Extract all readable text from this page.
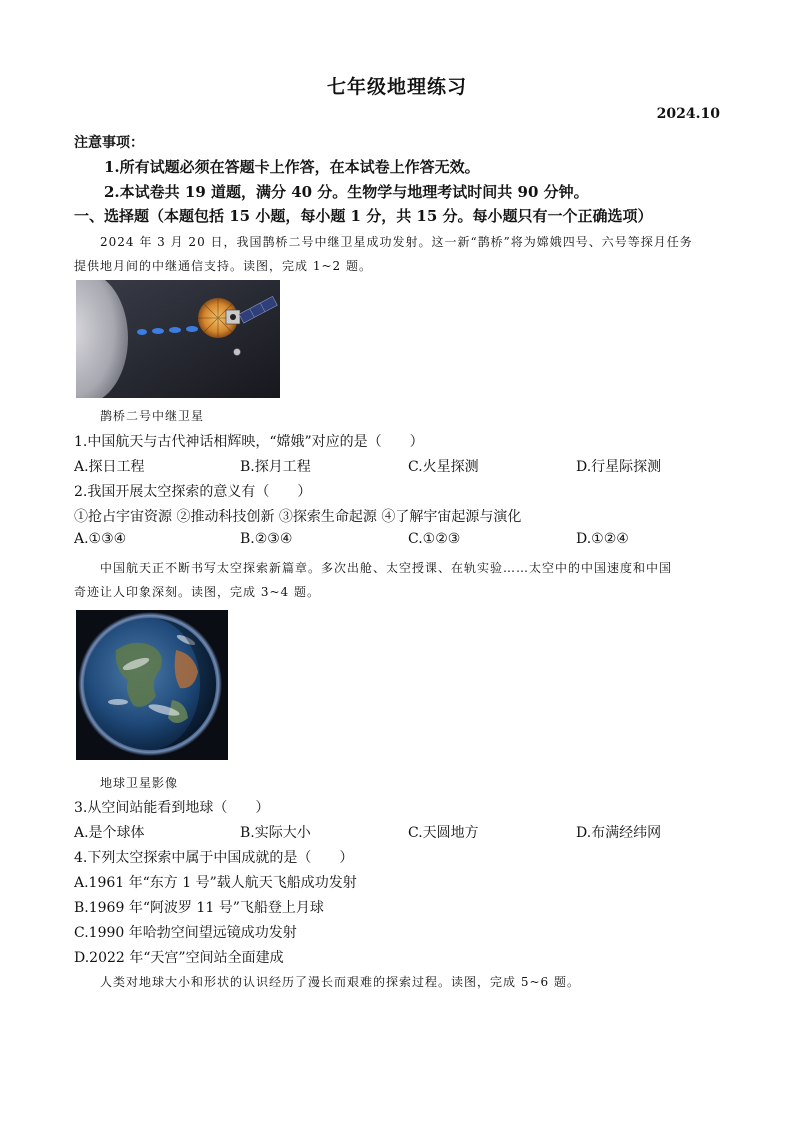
七年级地理练习
2024.10
注意事项：
1.所有试题必须在答题卡上作答，在本试卷上作答无效。
2.本试卷共 19 道题，满分 40 分。生物学与地理考试时间共 90 分钟。
一、选择题（本题包括 15 小题，每小题 1 分，共 15 分。每小题只有一个正确选项）
2024 年 3 月 20 日，我国鹊桥二号中继卫星成功发射。这一新“鹊桥”将为嫦娥四号、六号等探月任务
提供地月间的中继通信支持。读图，完成 1~2 题。
鹊桥二号中继卫星
1.中国航天与古代神话相辉映，“嫦娥”对应的是（　　）
A.探日工程	B.探月工程	C.火星探测	D.行星际探测
2.我国开展太空探索的意义有（　　）
①抢占宇宙资源 ②推动科技创新 ③探索生命起源 ④了解宇宙起源与演化
A.①③④	B.②③④	C.①②③	D.①②④
中国航天正不断书写太空探索新篇章。多次出舱、太空授课、在轨实验……太空中的中国速度和中国
奇迹让人印象深刻。读图，完成 3~4 题。
地球卫星影像
3.从空间站能看到地球（　　）
A.是个球体	B.实际大小	C.天圆地方	D.布满经纬网
4.下列太空探索中属于中国成就的是（　　）
A.1961 年“东方 1 号”载人航天飞船成功发射
B.1969 年“阿波罗 11 号”飞船登上月球
C.1990 年哈勃空间望远镜成功发射
D.2022 年“天宫”空间站全面建成
人类对地球大小和形状的认识经历了漫长而艰难的探索过程。读图，完成 5~6 题。
